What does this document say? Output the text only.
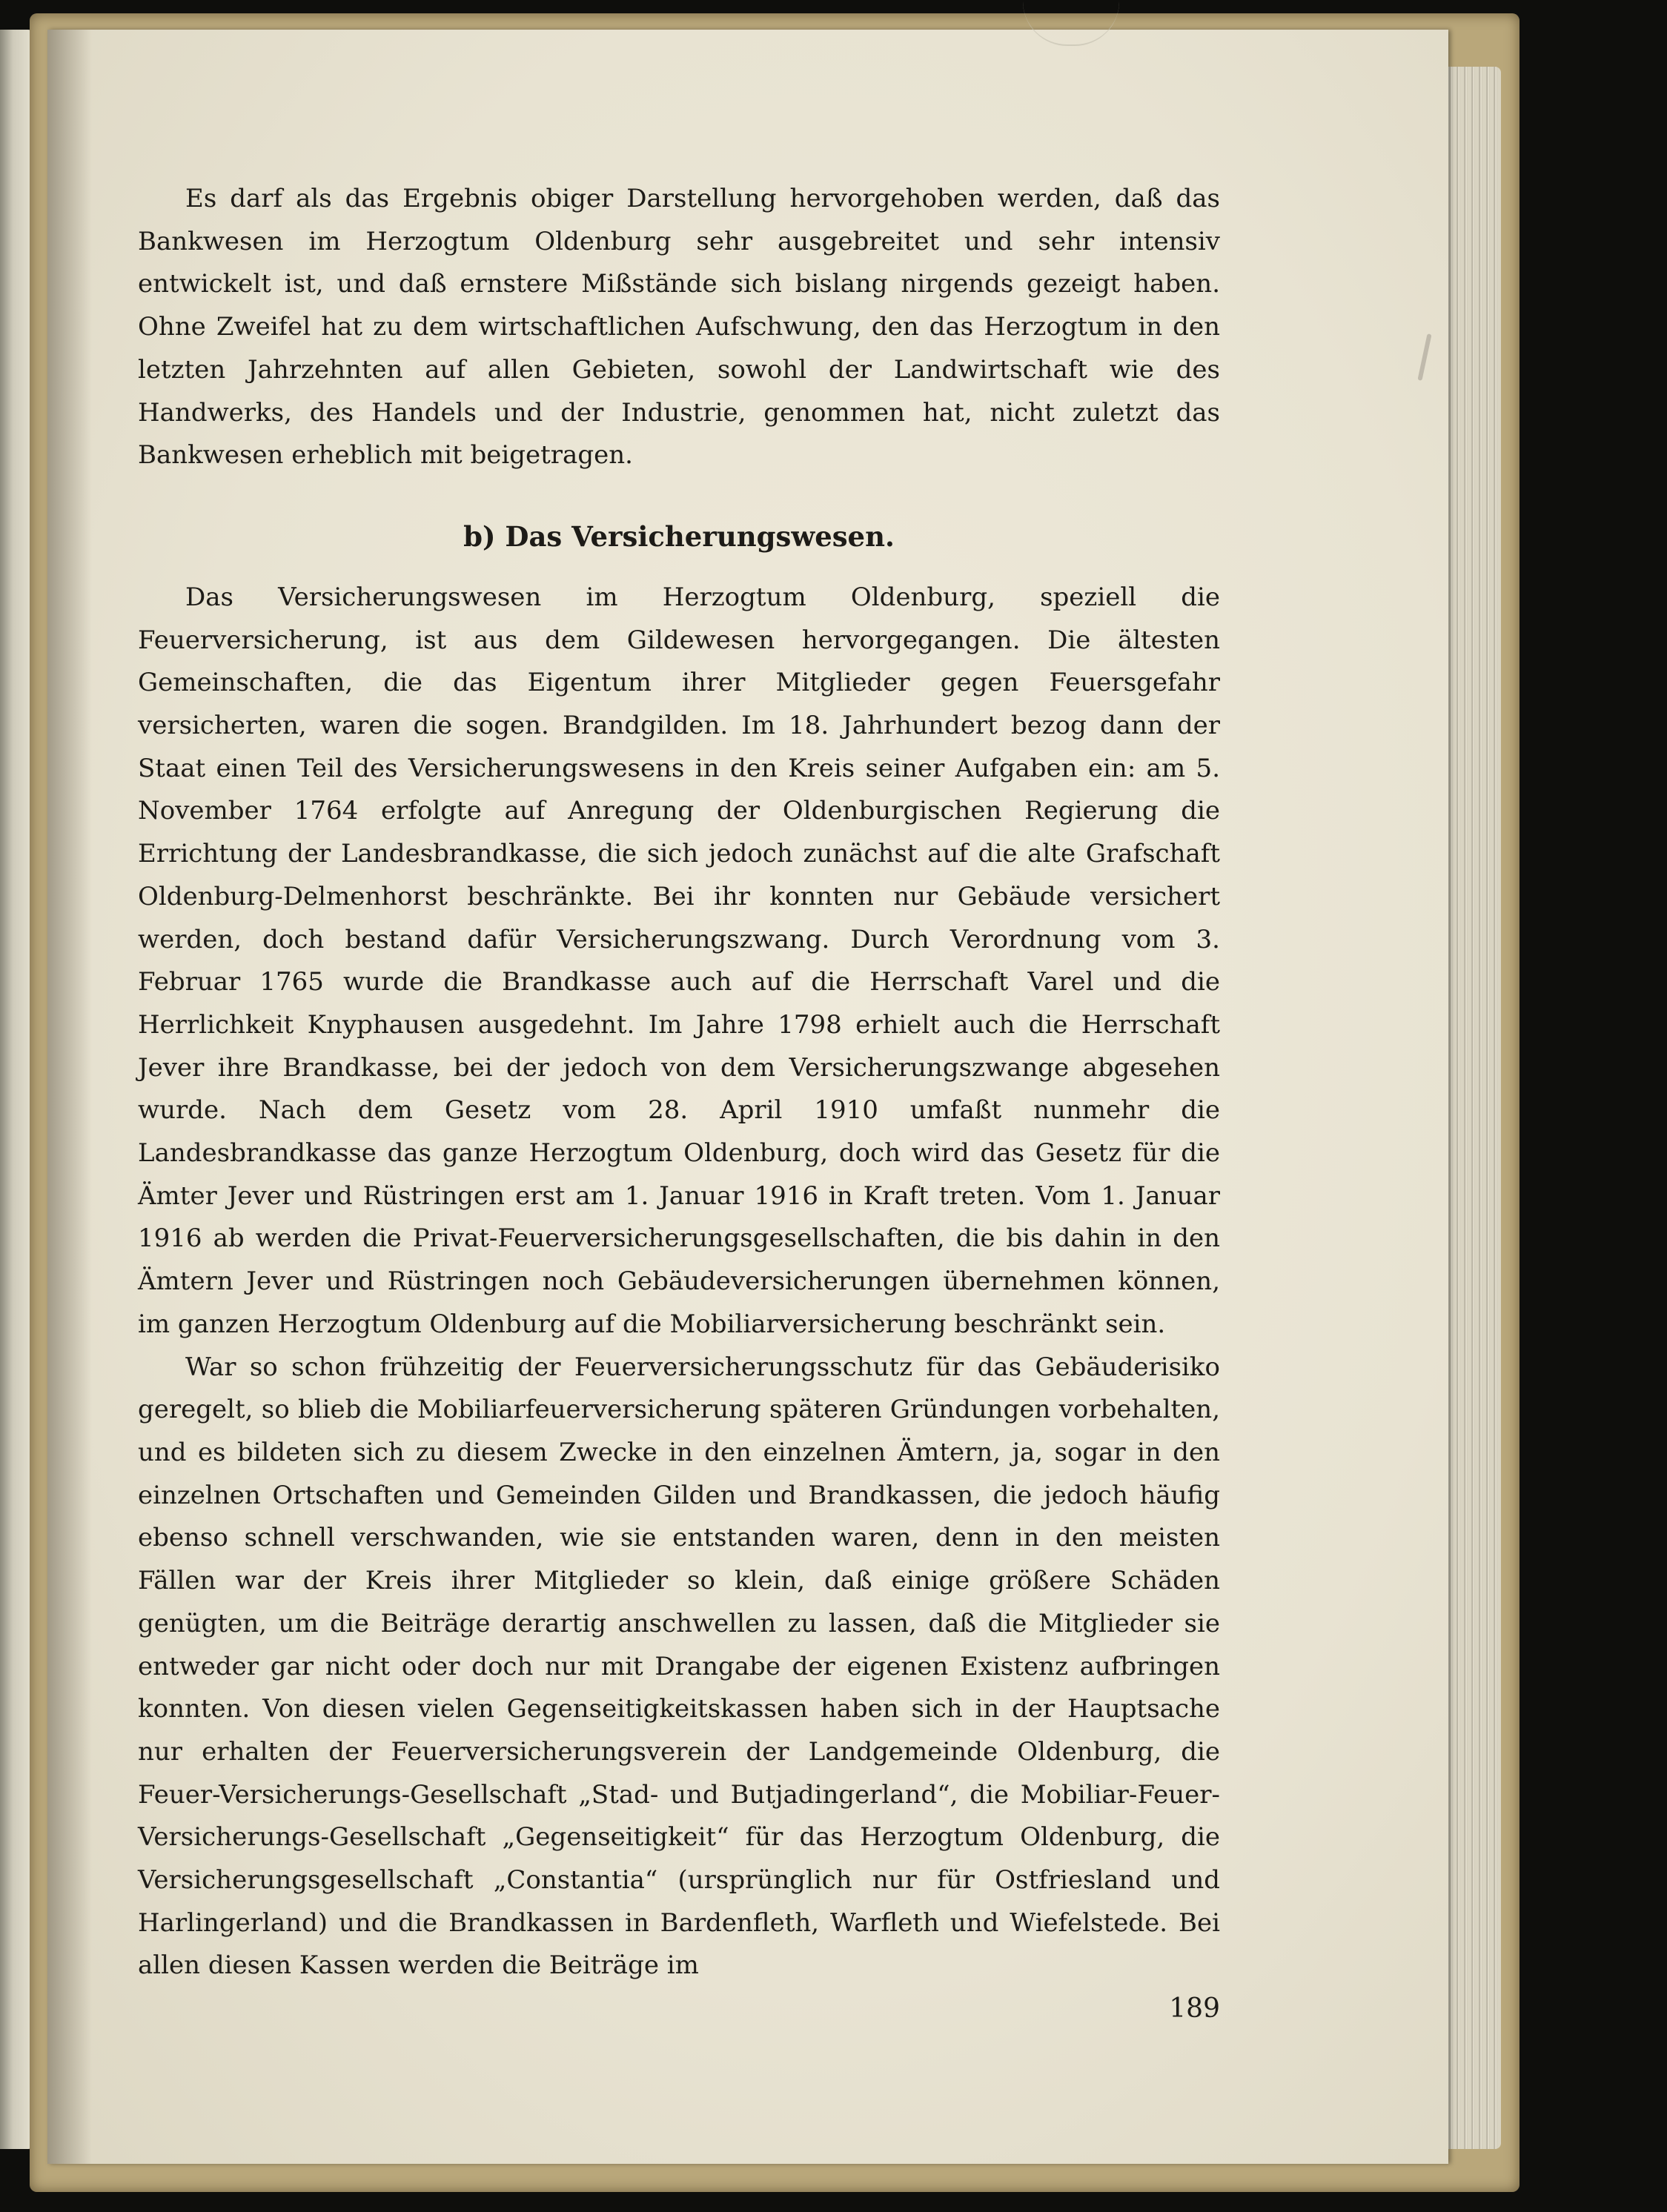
Es darf als das Ergebnis obiger Darstellung hervorgehoben werden, daß das Bankwesen im Herzogtum Oldenburg sehr ausgebreitet und sehr intensiv entwickelt ist, und daß ernstere Mißstände sich bislang nirgends gezeigt haben. Ohne Zweifel hat zu dem wirtschaftlichen Aufschwung, den das Herzogtum in den letzten Jahrzehnten auf allen Gebieten, sowohl der Landwirtschaft wie des Handwerks, des Handels und der Industrie, genommen hat, nicht zuletzt das Bankwesen erheblich mit beigetragen.

b) Das Versicherungswesen.

Das Versicherungswesen im Herzogtum Oldenburg, speziell die Feuerversicherung, ist aus dem Gildewesen hervorgegangen. Die ältesten Gemeinschaften, die das Eigentum ihrer Mitglieder gegen Feuersgefahr versicherten, waren die sogen. Brandgilden. Im 18. Jahrhundert bezog dann der Staat einen Teil des Versicherungswesens in den Kreis seiner Aufgaben ein: am 5. November 1764 erfolgte auf Anregung der Oldenburgischen Regierung die Errichtung der Landesbrandkasse, die sich jedoch zunächst auf die alte Grafschaft Oldenburg-Delmenhorst beschränkte. Bei ihr konnten nur Gebäude versichert werden, doch bestand dafür Versicherungszwang. Durch Verordnung vom 3. Februar 1765 wurde die Brandkasse auch auf die Herrschaft Varel und die Herrlichkeit Knyphausen ausgedehnt. Im Jahre 1798 erhielt auch die Herrschaft Jever ihre Brandkasse, bei der jedoch von dem Versicherungszwange abgesehen wurde. Nach dem Gesetz vom 28. April 1910 umfaßt nunmehr die Landesbrandkasse das ganze Herzogtum Oldenburg, doch wird das Gesetz für die Ämter Jever und Rüstringen erst am 1. Januar 1916 in Kraft treten. Vom 1. Januar 1916 ab werden die Privat-Feuerversicherungsgesellschaften, die bis dahin in den Ämtern Jever und Rüstringen noch Gebäudeversicherungen übernehmen können, im ganzen Herzogtum Oldenburg auf die Mobiliarversicherung beschränkt sein.

War so schon frühzeitig der Feuerversicherungsschutz für das Gebäuderisiko geregelt, so blieb die Mobiliarfeuerversicherung späteren Gründungen vorbehalten, und es bildeten sich zu diesem Zwecke in den einzelnen Ämtern, ja, sogar in den einzelnen Ortschaften und Gemeinden Gilden und Brandkassen, die jedoch häufig ebenso schnell verschwanden, wie sie entstanden waren, denn in den meisten Fällen war der Kreis ihrer Mitglieder so klein, daß einige größere Schäden genügten, um die Beiträge derartig anschwellen zu lassen, daß die Mitglieder sie entweder gar nicht oder doch nur mit Drangabe der eigenen Existenz aufbringen konnten. Von diesen vielen Gegenseitigkeitskassen haben sich in der Hauptsache nur erhalten der Feuerversicherungsverein der Landgemeinde Oldenburg, die Feuer-Versicherungs-Gesellschaft „Stad- und Butjadingerland“, die Mobiliar-Feuer-Versicherungs-Gesellschaft „Gegenseitigkeit“ für das Herzogtum Oldenburg, die Versicherungsgesellschaft „Constantia“ (ursprünglich nur für Ostfriesland und Harlingerland) und die Brandkassen in Bardenfleth, Warfleth und Wiefelstede. Bei allen diesen Kassen werden die Beiträge im

189
